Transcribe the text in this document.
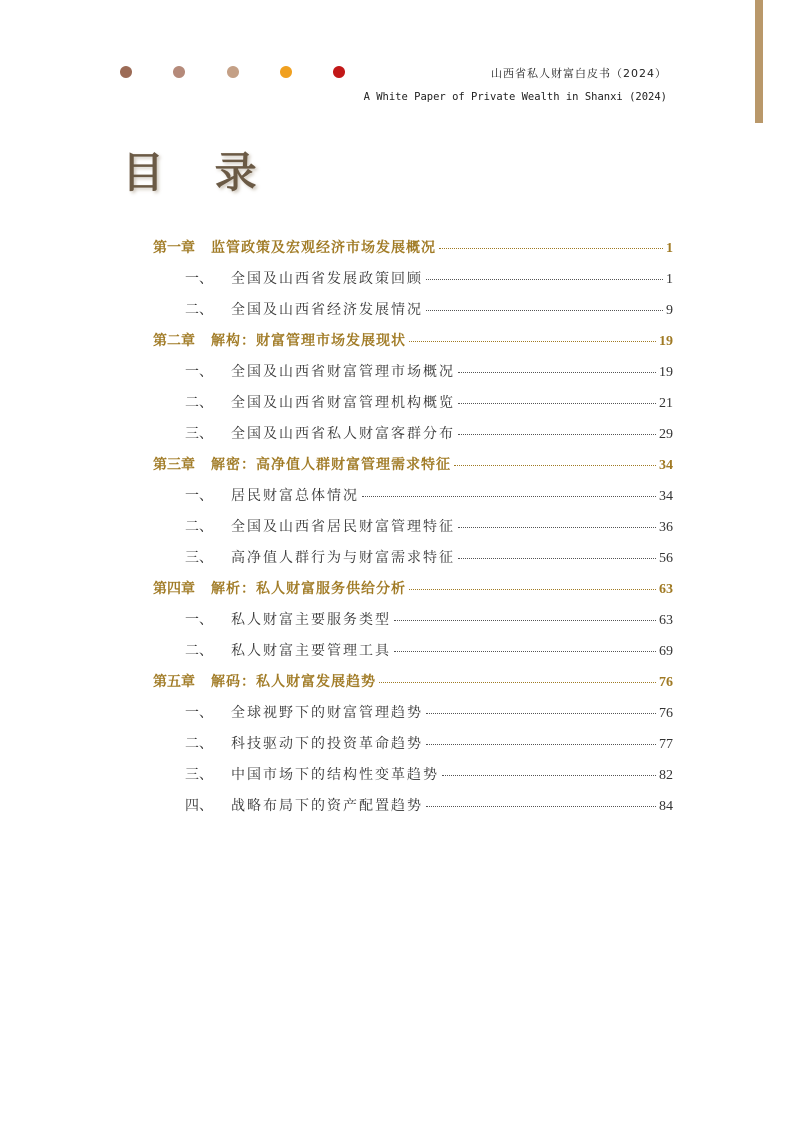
山西省私人财富白皮书（2024）
A White Paper of Private Wealth in Shanxi (2024)
目 录
第一章 监管政策及宏观经济市场发展概况	1
一、 全国及山西省发展政策回顾	1
二、 全国及山西省经济发展情况	9
第二章 解构：财富管理市场发展现状	19
一、 全国及山西省财富管理市场概况	19
二、 全国及山西省财富管理机构概览	21
三、 全国及山西省私人财富客群分布	29
第三章 解密：高净值人群财富管理需求特征	34
一、 居民财富总体情况	34
二、 全国及山西省居民财富管理特征	36
三、 高净值人群行为与财富需求特征	56
第四章 解析：私人财富服务供给分析	63
一、 私人财富主要服务类型	63
二、 私人财富主要管理工具	69
第五章 解码：私人财富发展趋势	76
一、 全球视野下的财富管理趋势	76
二、 科技驱动下的投资革命趋势	77
三、 中国市场下的结构性变革趋势	82
四、 战略布局下的资产配置趋势	84
